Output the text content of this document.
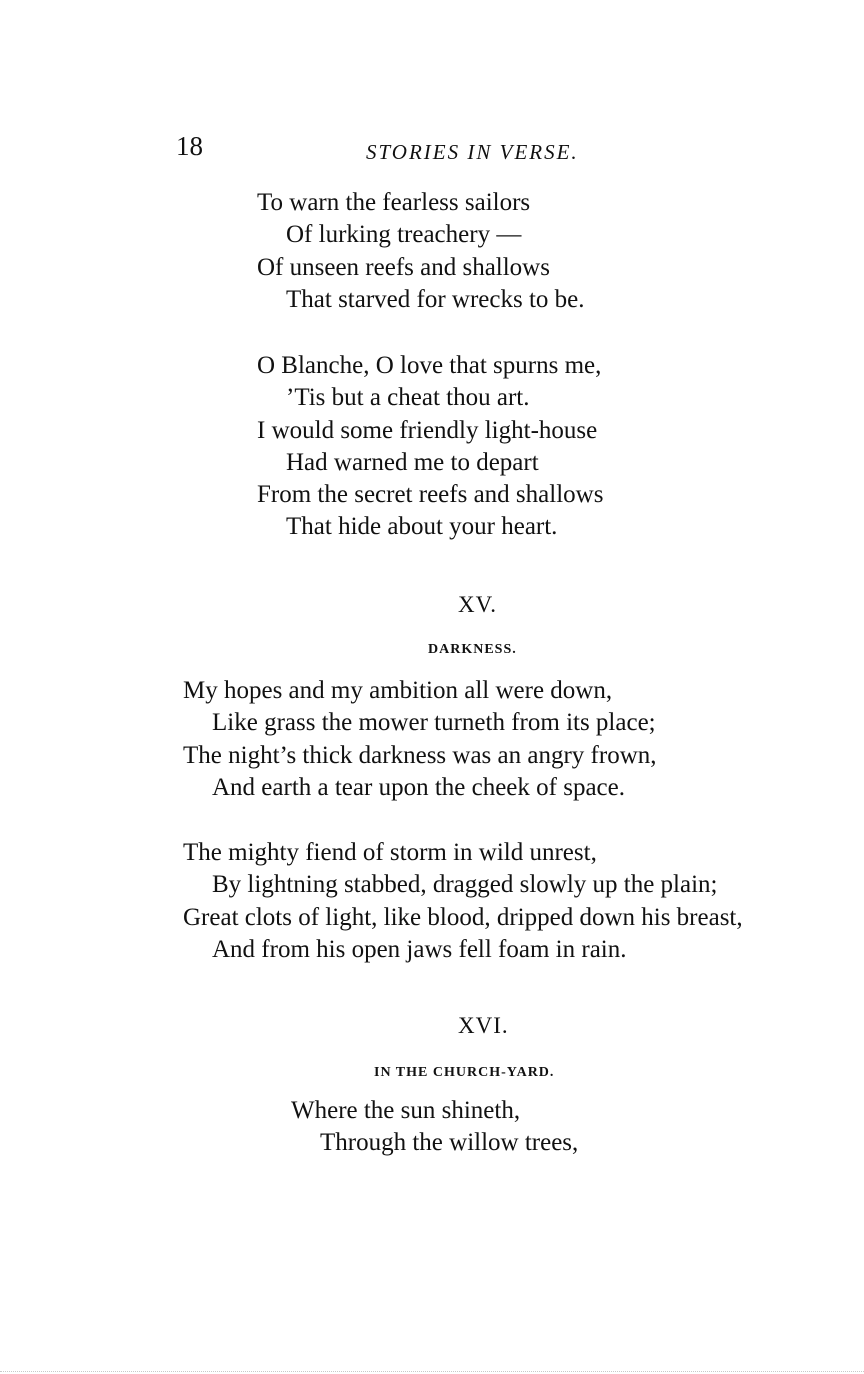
18	STORIES IN VERSE.
To warn the fearless sailors
Of lurking treachery —
Of unseen reefs and shallows
That starved for wrecks to be.
O Blanche, O love that spurns me,
’Tis but a cheat thou art.
I would some friendly light-house
Had warned me to depart
From the secret reefs and shallows
That hide about your heart.
XV.
DARKNESS.
My hopes and my ambition all were down,
Like grass the mower turneth from its place;
The night’s thick darkness was an angry frown,
And earth a tear upon the cheek of space.
The mighty fiend of storm in wild unrest,
By lightning stabbed, dragged slowly up the plain;
Great clots of light, like blood, dripped down his breast,
And from his open jaws fell foam in rain.
XVI.
IN THE CHURCH-YARD.
Where the sun shineth,
Through the willow trees,
